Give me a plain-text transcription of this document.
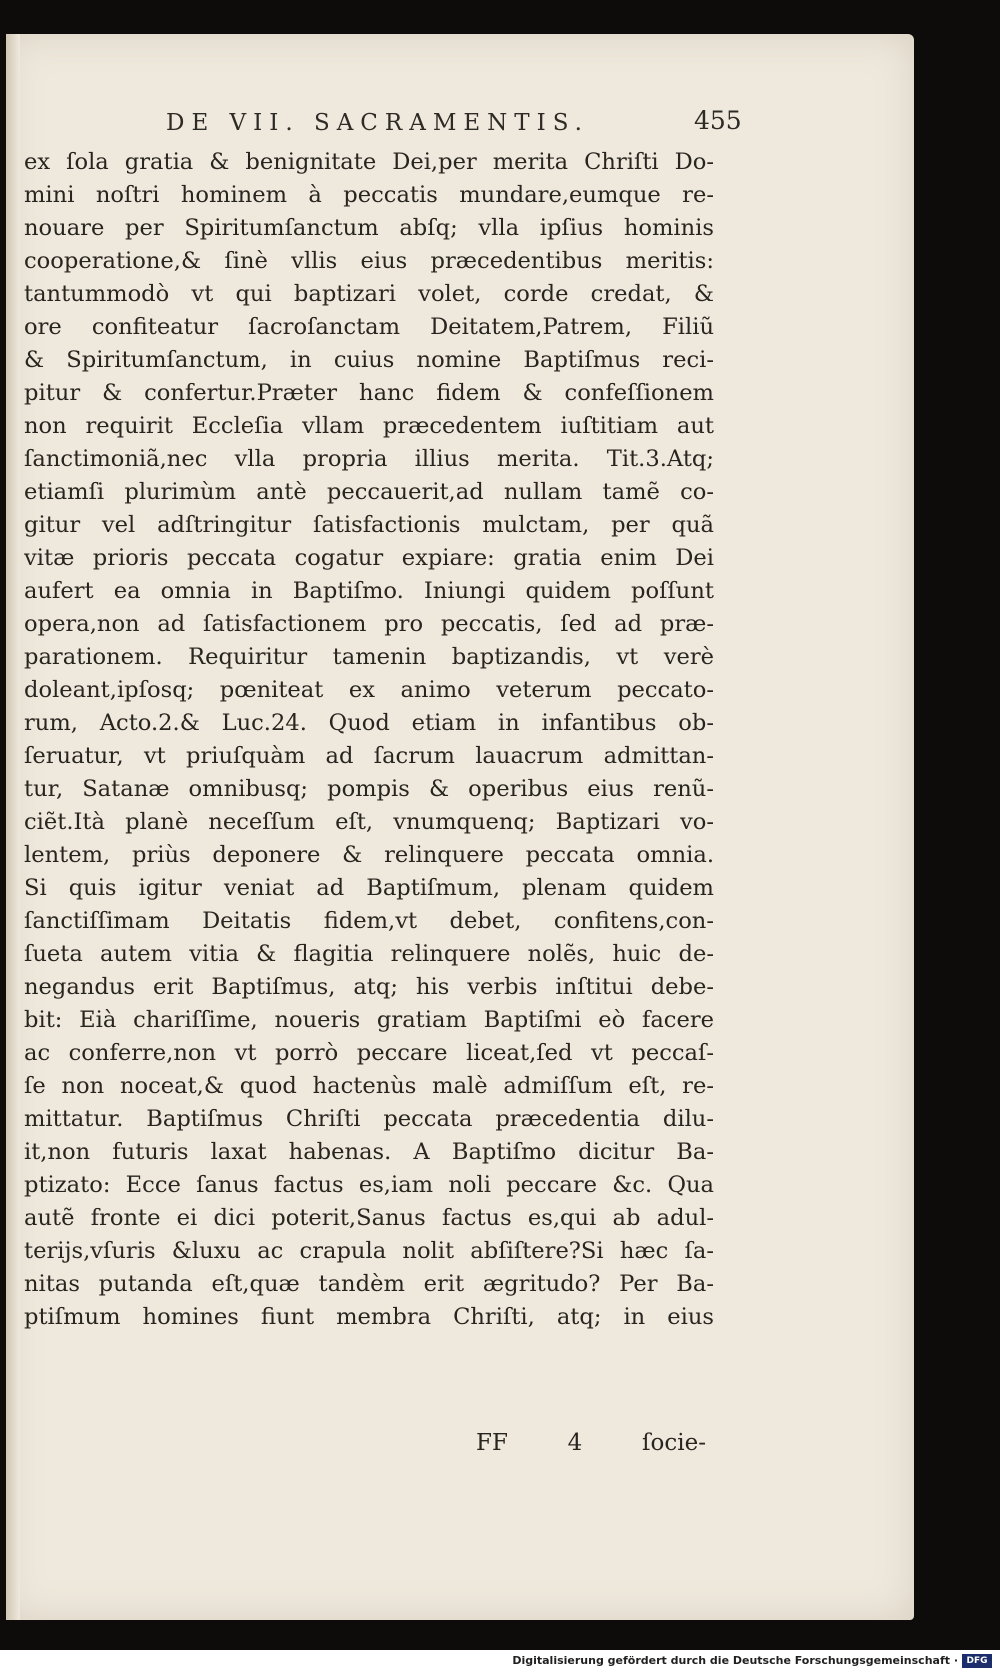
DE VII. SACRAMENTIS.	455
ex ſola gratia & benignitate Dei,per merita Chriſti Do-
mini noſtri hominem à peccatis mundare,eumque re-
nouare per Spiritumſanctum abſq; vlla ipſius hominis
cooperatione,& ſinè vllis eius præcedentibus meritis:
tantummodò vt qui baptizari volet, corde credat, &
ore confiteatur ſacroſanctam Deitatem,Patrem, Filiũ
& Spiritumſanctum, in cuius nomine Baptiſmus reci-
pitur & confertur.Præter hanc fidem & confeſſionem
non requirit Eccleſia vllam præcedentem iuſtitiam aut
ſanctimoniã,nec vlla propria illius merita. Tit.3.Atq;
etiamſi plurimùm antè peccauerit,ad nullam tamẽ co-
gitur vel adſtringitur ſatisfactionis mulctam, per quã
vitæ prioris peccata cogatur expiare: gratia enim Dei
aufert ea omnia in Baptiſmo. Iniungi quidem poſſunt
opera,non ad ſatisfactionem pro peccatis, ſed ad præ-
parationem. Requiritur tamenin baptizandis, vt verè
doleant,ipſosq; pœniteat ex animo veterum peccato-
rum, Acto.2.& Luc.24. Quod etiam in infantibus ob-
ſeruatur, vt priuſquàm ad ſacrum lauacrum admittan-
tur, Satanæ omnibusq; pompis & operibus eius renũ-
ciẽt.Ità planè neceſſum eſt, vnumquenq; Baptizari vo-
lentem, priùs deponere & relinquere peccata omnia.
Si quis igitur veniat ad Baptiſmum, plenam quidem
ſanctiſſimam Deitatis fidem,vt debet, confitens,con-
ſueta autem vitia & flagitia relinquere nolẽs, huic de-
negandus erit Baptiſmus, atq; his verbis inſtitui debe-
bit: Eià chariſſime, noueris gratiam Baptiſmi eò facere
ac conferre,non vt porrò peccare liceat,ſed vt peccaſ-
ſe non noceat,& quod hactenùs malè admiſſum eſt, re-
mittatur. Baptiſmus Chriſti peccata præcedentia dilu-
it,non futuris laxat habenas. A Baptiſmo dicitur Ba-
ptizato: Ecce ſanus factus es,iam noli peccare &c. Qua
autẽ fronte ei dici poterit,Sanus factus es,qui ab adul-
terijs,vſuris &luxu ac crapula nolit abſiſtere?Si hæc ſa-
nitas putanda eſt,quæ tandèm erit ægritudo? Per Ba-
ptiſmum homines fiunt membra Chriſti, atq; in eius
FF	4	ſocie-
Digitalisierung gefördert durch die Deutsche Forschungsgemeinschaft · DFG
